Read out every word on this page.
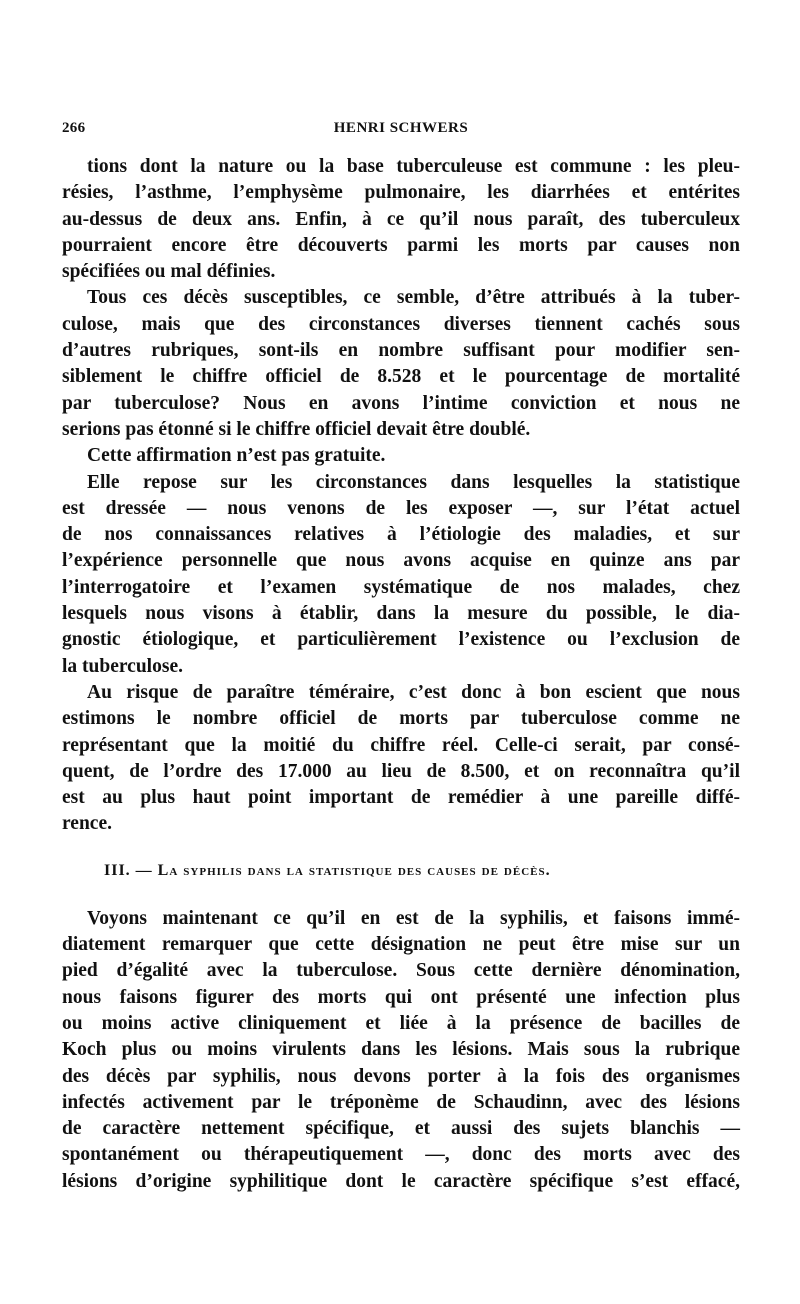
266	HENRI SCHWERS
tions dont la nature ou la base tuberculeuse est commune : les pleu-
résies, l’asthme, l’emphysème pulmonaire, les diarrhées et entérites
au-dessus de deux ans. Enfin, à ce qu’il nous paraît, des tuberculeux
pourraient encore être découverts parmi les morts par causes non
spécifiées ou mal définies.
Tous ces décès susceptibles, ce semble, d’être attribués à la tuber-
culose, mais que des circonstances diverses tiennent cachés sous
d’autres rubriques, sont-ils en nombre suffisant pour modifier sen-
siblement le chiffre officiel de 8.528 et le pourcentage de mortalité
par tuberculose? Nous en avons l’intime conviction et nous ne
serions pas étonné si le chiffre officiel devait être doublé.
Cette affirmation n’est pas gratuite.
Elle repose sur les circonstances dans lesquelles la statistique
est dressée — nous venons de les exposer —, sur l’état actuel
de nos connaissances relatives à l’étiologie des maladies, et sur
l’expérience personnelle que nous avons acquise en quinze ans par
l’interrogatoire et l’examen systématique de nos malades, chez
lesquels nous visons à établir, dans la mesure du possible, le dia-
gnostic étiologique, et particulièrement l’existence ou l’exclusion de
la tuberculose.
Au risque de paraître téméraire, c’est donc à bon escient que nous
estimons le nombre officiel de morts par tuberculose comme ne
représentant que la moitié du chiffre réel. Celle-ci serait, par consé-
quent, de l’ordre des 17.000 au lieu de 8.500, et on reconnaîtra qu’il
est au plus haut point important de remédier à une pareille diffé-
rence.
III. — La syphilis dans la statistique des causes de décès.
Voyons maintenant ce qu’il en est de la syphilis, et faisons immé-
diatement remarquer que cette désignation ne peut être mise sur un
pied d’égalité avec la tuberculose. Sous cette dernière dénomination,
nous faisons figurer des morts qui ont présenté une infection plus
ou moins active cliniquement et liée à la présence de bacilles de
Koch plus ou moins virulents dans les lésions. Mais sous la rubrique
des décès par syphilis, nous devons porter à la fois des organismes
infectés activement par le tréponème de Schaudinn, avec des lésions
de caractère nettement spécifique, et aussi des sujets blanchis —
spontanément ou thérapeutiquement —, donc des morts avec des
lésions d’origine syphilitique dont le caractère spécifique s’est effacé,
